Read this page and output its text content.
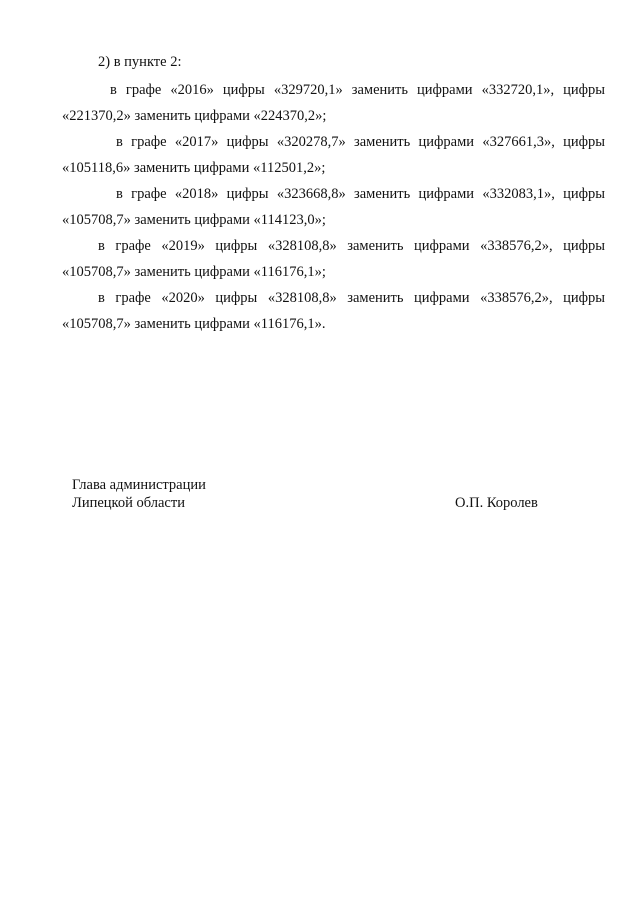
2) в пункте 2:
в графе «2016» цифры «329720,1» заменить цифрами «332720,1», цифры
«221370,2» заменить цифрами «224370,2»;
в графе «2017» цифры «320278,7» заменить цифрами «327661,3», цифры
«105118,6» заменить цифрами «112501,2»;
в графе «2018» цифры «323668,8» заменить цифрами «332083,1», цифры
«105708,7» заменить цифрами «114123,0»;
в графе «2019» цифры «328108,8» заменить цифрами «338576,2», цифры
«105708,7» заменить цифрами «116176,1»;
в графе «2020» цифры «328108,8» заменить цифрами «338576,2», цифры
«105708,7» заменить цифрами «116176,1».
Глава администрации
Липецкой области	О.П. Королев
